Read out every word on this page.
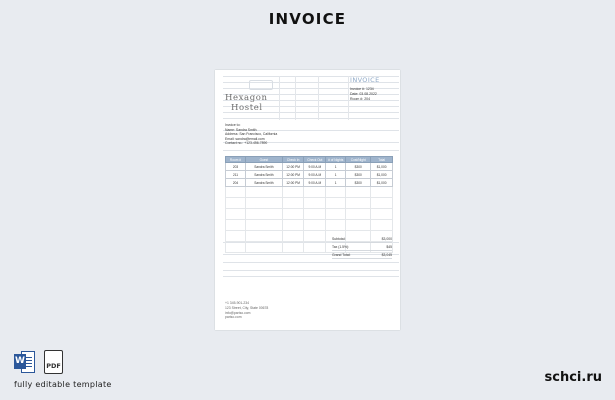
INVOICE
Hexagon
Hostel
INVOICE
Invoice #: 1234
Date: 03.08.2022
Room #: 204
Invoice to:
Name: Sandra Smith
Address: San Francisco, California
Email: sandra@email.com
Contact no.: +123-456-7890
Room #	Guest	Check In	Check Out	# of Nights	Cost/Night	Total
203	Sandra Smith	12:00 PM	9:00 A.M	1	$300	$1,000
211	Sandra Smith	12:00 PM	9:00 A.M	1	$300	$1,000
204	Sandra Smith	12:00 PM	9:00 A.M	1	$300	$1,000

Subtotal:	$3,000
Tax (1.5%):	$45
Grand Total:	$3,045
+1 345-901-234
123 Street, City, State 00678
info@pariso.com
pariso.com
W	PDF
fully editable template	schci.ru
